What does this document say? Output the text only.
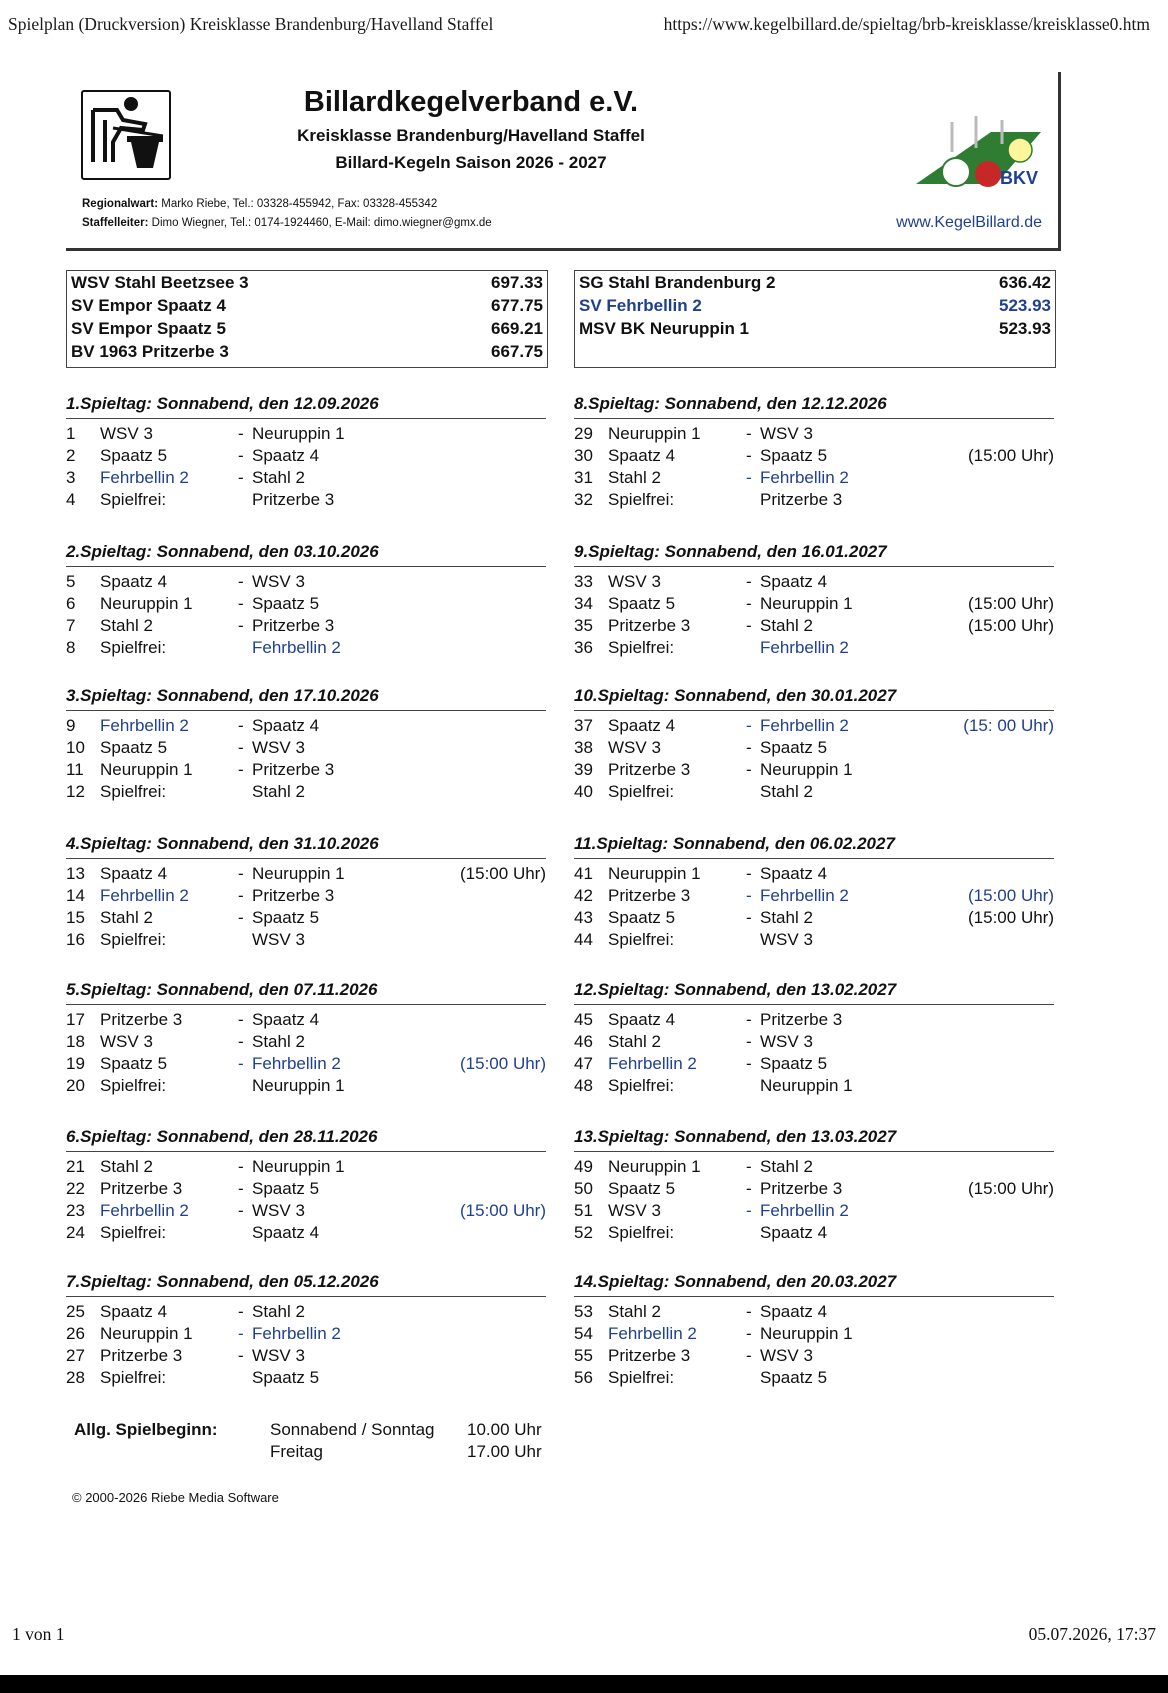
Spielplan (Druckversion) Kreisklasse Brandenburg/Havelland Staffel	https://www.kegelbillard.de/spieltag/brb-kreisklasse/kreisklasse0.htm
Billardkegelverband e.V.
Kreisklasse Brandenburg/Havelland Staffel
Billard-Kegeln Saison 2026 - 2027
Regionalwart: Marko Riebe, Tel.: 03328-455942, Fax: 03328-455342
Staffelleiter: Dimo Wiegner, Tel.: 0174-1924460, E-Mail: dimo.wiegner@gmx.de
BKV
www.KegelBillard.de
WSV Stahl Beetzsee 3	697.33
SV Empor Spaatz 4	677.75
SV Empor Spaatz 5	669.21
BV 1963 Pritzerbe 3	667.75
SG Stahl Brandenburg 2	636.42
SV Fehrbellin 2	523.93
MSV BK Neuruppin 1	523.93
1.Spieltag: Sonnabend, den 12.09.2026
1 WSV 3	- Neuruppin 1
2 Spaatz 5	- Spaatz 4
3 Fehrbellin 2	- Stahl 2
4 Spielfrei:	Pritzerbe 3
2.Spieltag: Sonnabend, den 03.10.2026
5 Spaatz 4	- WSV 3
6 Neuruppin 1	- Spaatz 5
7 Stahl 2	- Pritzerbe 3
8 Spielfrei:	Fehrbellin 2
3.Spieltag: Sonnabend, den 17.10.2026
9 Fehrbellin 2	- Spaatz 4
10 Spaatz 5	- WSV 3
11 Neuruppin 1	- Pritzerbe 3
12 Spielfrei:	Stahl 2
4.Spieltag: Sonnabend, den 31.10.2026
13 Spaatz 4	- Neuruppin 1	(15:00 Uhr)
14 Fehrbellin 2	- Pritzerbe 3
15 Stahl 2	- Spaatz 5
16 Spielfrei:	WSV 3
5.Spieltag: Sonnabend, den 07.11.2026
17 Pritzerbe 3	- Spaatz 4
18 WSV 3	- Stahl 2
19 Spaatz 5	- Fehrbellin 2	(15:00 Uhr)
20 Spielfrei:	Neuruppin 1
6.Spieltag: Sonnabend, den 28.11.2026
21 Stahl 2	- Neuruppin 1
22 Pritzerbe 3	- Spaatz 5
23 Fehrbellin 2	- WSV 3	(15:00 Uhr)
24 Spielfrei:	Spaatz 4
7.Spieltag: Sonnabend, den 05.12.2026
25 Spaatz 4	- Stahl 2
26 Neuruppin 1	- Fehrbellin 2
27 Pritzerbe 3	- WSV 3
28 Spielfrei:	Spaatz 5
8.Spieltag: Sonnabend, den 12.12.2026
29 Neuruppin 1	- WSV 3
30 Spaatz 4	- Spaatz 5	(15:00 Uhr)
31 Stahl 2	- Fehrbellin 2
32 Spielfrei:	Pritzerbe 3
9.Spieltag: Sonnabend, den 16.01.2027
33 WSV 3	- Spaatz 4
34 Spaatz 5	- Neuruppin 1	(15:00 Uhr)
35 Pritzerbe 3	- Stahl 2	(15:00 Uhr)
36 Spielfrei:	Fehrbellin 2
10.Spieltag: Sonnabend, den 30.01.2027
37 Spaatz 4	- Fehrbellin 2	(15: 00 Uhr)
38 WSV 3	- Spaatz 5
39 Pritzerbe 3	- Neuruppin 1
40 Spielfrei:	Stahl 2
11.Spieltag: Sonnabend, den 06.02.2027
41 Neuruppin 1	- Spaatz 4
42 Pritzerbe 3	- Fehrbellin 2	(15:00 Uhr)
43 Spaatz 5	- Stahl 2	(15:00 Uhr)
44 Spielfrei:	WSV 3
12.Spieltag: Sonnabend, den 13.02.2027
45 Spaatz 4	- Pritzerbe 3
46 Stahl 2	- WSV 3
47 Fehrbellin 2	- Spaatz 5
48 Spielfrei:	Neuruppin 1
13.Spieltag: Sonnabend, den 13.03.2027
49 Neuruppin 1	- Stahl 2
50 Spaatz 5	- Pritzerbe 3	(15:00 Uhr)
51 WSV 3	- Fehrbellin 2
52 Spielfrei:	Spaatz 4
14.Spieltag: Sonnabend, den 20.03.2027
53 Stahl 2	- Spaatz 4
54 Fehrbellin 2	- Neuruppin 1
55 Pritzerbe 3	- WSV 3
56 Spielfrei:	Spaatz 5
Allg. Spielbeginn:	Sonnabend / Sonntag 10.00 Uhr
Freitag	17.00 Uhr
© 2000-2026 Riebe Media Software
1 von 1	05.07.2026, 17:37
